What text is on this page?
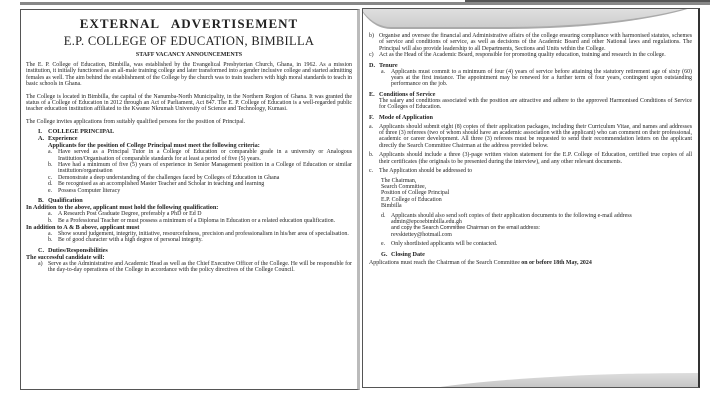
EXTERNAL ADVERTISEMENT
E.P. COLLEGE OF EDUCATION, BIMBILLA
STAFF VACANCY ANNOUNCEMENTS

The E. P. College of Education, Bimbilla, was established by the Evangelical Presbyterian Church, Ghana, in 1962. As a mission institution, it initially functioned as an all-male training college and later transformed into a gender inclusive college and started admitting females as well. The aim behind the establishment of the College by the church was to train teachers with high moral standards to teach in basic schools in Ghana.

The College is located in Bimbilla, the capital of the Nanumba-North Municipality, in the Northern Region of Ghana. It was granted the status of a College of Education in 2012 through an Act of Parliament, Act 847. The E. P. College of Education is a well-regarded public teacher education institution affiliated to the Kwame Nkrumah University of Science and Technology, Kumasi.

The College invites applications from suitably qualified persons for the position of Principal.

I. COLLEGE PRINCIPAL
A. Experience
Applicants for the position of College Principal must meet the following criteria:
a.	Have served as a Principal Tutor in a College of Education or comparable grade in a university or Analogous Institution/Organisation of comparable standards for at least a period of five (5) years.
b. Have had a minimum of five (5) years of experience in Senior Management position in a College of Education or similar institution/organisation
c.	Demonstrate a deep understanding of the challenges faced by Colleges of Education in Ghana
d. Be recognised as an accomplished Master Teacher and Scholar in teaching and learning
e.	Possess Computer literacy
B. Qualification
In Addition to the above, applicant must hold the following qualification:
a.	A Research Post Graduate Degree, preferably a PhD or Ed D
b. Be a Professional Teacher or must possess a minimum of a Diploma in Education or a related education qualification.
In addition to A & B above, applicant must
a.	Show sound judgement, integrity, initiative, resourcefulness, precision and professionalism in his/her area of specialisation.
b. Be of good character with a high degree of personal integrity.
C. Duties/Responsibilities
The successful candidate will:
a) Serve as the Administrative and Academic Head as well as the Chief Executive Officer of the College. He will be responsible for the day-to-day operations of the College in accordance with the policy directives of the College Council.
b) Organise and oversee the financial and Administrative affairs of the college ensuring compliance with harmonised statutes, schemes of service and conditions of service, as well as decisions of the Academic Board and other National laws and regulations. The Principal will also provide leadership to all Departments, Sections and Units within the College.
c) Act as the Head of the Academic Board, responsible for promoting quality education, training and research in the college.
D. Tenure
a.	Applicants must commit to a minimum of four (4) years of service before attaining the statutory retirement age of sixty (60) years at the first instance. The appointment may be renewed for a further term of four years, contingent upon outstanding performance on the job.
E. Conditions of Service

The salary and conditions associated with the position are attractive and adhere to the approved Harmonised Conditions of Service for Colleges of Education.

F. Mode of Application
a.	Applicants should submit eight (8) copies of their application packages, including their Curriculum Vitae, and names and addresses of three (3) referees (two of whom should have an academic association with the applicant) who can comment on their professional, academic or career development. All three (3) referees must be requested to send their recommendation letters on the applicant directly the Search Committee Chairman at the address provided below.
b. Applicants should include a three (3)-page written vision statement for the E.P. College of Education, certified true copies of all their certificates (the originals to be presented during the interview), and any other relevant documents.
c.	The Application should be addressed to
The Chairman,
Search Committee,
Position of College Principal
E.P. College of Education
Bimbilla
d. Applicants should also send soft copies of their application documents to the following e-mail address
admin@epcoebimbilla.edu.gh
and copy the Search Committee Chairman on the email address:
revsktettey@hotmail.com
e.	Only shortlisted applicants will be contacted.
G. Closing Date

Applications must reach the Chairman of the Search Committee on or before 18th May, 2024
